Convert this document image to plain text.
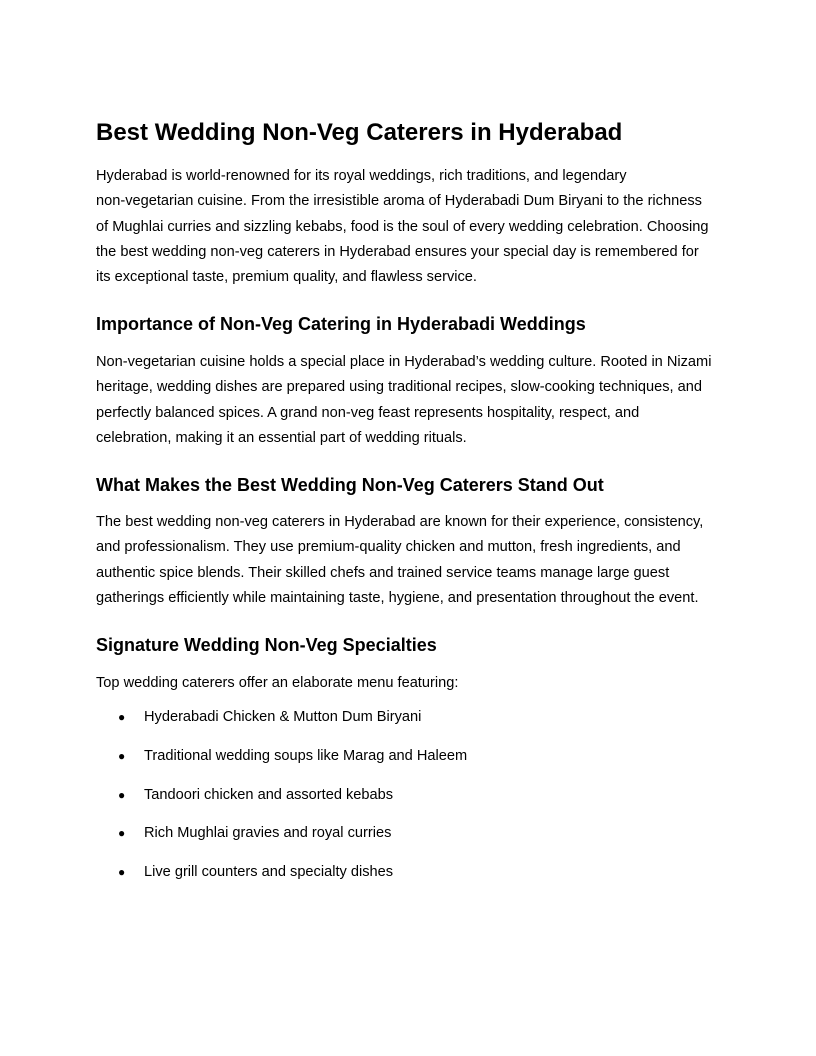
Best Wedding Non-Veg Caterers in Hyderabad

Hyderabad is world-renowned for its royal weddings, rich traditions, and legendary
non-vegetarian cuisine. From the irresistible aroma of Hyderabadi Dum Biryani to the richness
of Mughlai curries and sizzling kebabs, food is the soul of every wedding celebration. Choosing
the best wedding non-veg caterers in Hyderabad ensures your special day is remembered for
its exceptional taste, premium quality, and flawless service.

Importance of Non-Veg Catering in Hyderabadi Weddings

Non-vegetarian cuisine holds a special place in Hyderabad’s wedding culture. Rooted in Nizami
heritage, wedding dishes are prepared using traditional recipes, slow-cooking techniques, and
perfectly balanced spices. A grand non-veg feast represents hospitality, respect, and
celebration, making it an essential part of wedding rituals.

What Makes the Best Wedding Non-Veg Caterers Stand Out

The best wedding non-veg caterers in Hyderabad are known for their experience, consistency,
and professionalism. They use premium-quality chicken and mutton, fresh ingredients, and
authentic spice blends. Their skilled chefs and trained service teams manage large guest
gatherings efficiently while maintaining taste, hygiene, and presentation throughout the event.

Signature Wedding Non-Veg Specialties

Top wedding caterers offer an elaborate menu featuring:

● Hyderabadi Chicken & Mutton Dum Biryani
● Traditional wedding soups like Marag and Haleem
● Tandoori chicken and assorted kebabs
● Rich Mughlai gravies and royal curries
● Live grill counters and specialty dishes
